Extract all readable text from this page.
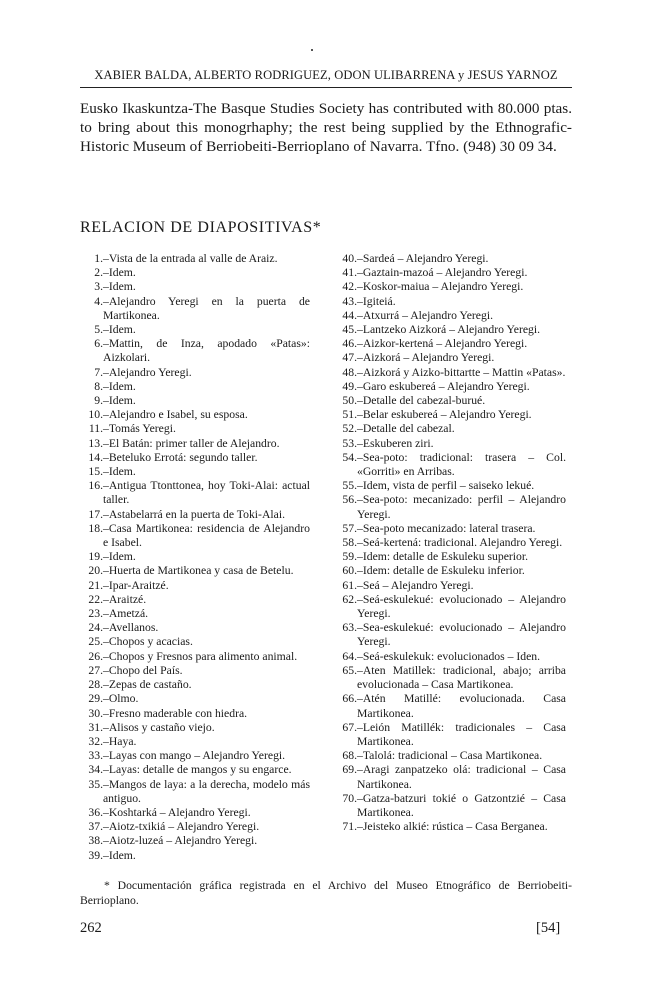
XABIER BALDA, ALBERTO RODRIGUEZ, ODON ULIBARRENA y JESUS YARNOZ
Eusko Ikaskuntza-The Basque Studies Society has contributed with 80.000 ptas. to bring about this monogrhaphy; the rest being supplied by the Ethnografic-Historic Museum of Berriobeiti-Berrioplano of Navarra. Tfno. (948) 30 09 34.
RELACION DE DIAPOSITIVAS*
1. –Vista de la entrada al valle de Araiz.
2. –Idem.
3. –Idem.
4. –Alejandro Yeregi en la puerta de Martikonea.
5. –Idem.
6. –Mattin, de Inza, apodado «Patas»: Aizkolari.
7. –Alejandro Yeregi.
8. –Idem.
9. –Idem.
10. –Alejandro e Isabel, su esposa.
11. –Tomás Yeregi.
13. –El Batán: primer taller de Alejandro.
14. –Beteluko Errotá: segundo taller.
15. –Idem.
16. –Antigua Ttonttonea, hoy Toki-Alai: actual taller.
17. –Astabelarrá en la puerta de Toki-Alai.
18. –Casa Martikonea: residencia de Alejandro e Isabel.
19. –Idem.
20. –Huerta de Martikonea y casa de Betelu.
21. –Ipar-Araitzé.
22. –Araitzé.
23. –Ametzá.
24. –Avellanos.
25. –Chopos y acacias.
26. –Chopos y Fresnos para alimento animal.
27. –Chopo del País.
28. –Zepas de castaño.
29. –Olmo.
30. –Fresno maderable con hiedra.
31. –Alisos y castaño viejo.
32. –Haya.
33. –Layas con mango – Alejandro Yeregi.
34. –Layas: detalle de mangos y su engarce.
35. –Mangos de laya: a la derecha, modelo más antiguo.
36. –Koshtarká – Alejandro Yeregi.
37. –Aiotz-txikiá – Alejandro Yeregi.
38. –Aiotz-luzeá – Alejandro Yeregi.
39. –Idem.
40. –Sardeá – Alejandro Yeregi.
41. –Gaztain-mazoá – Alejandro Yeregi.
42. –Koskor-maiua – Alejandro Yeregi.
43. –Igiteiá.
44. –Atxurrá – Alejandro Yeregi.
45. –Lantzeko Aizkorá – Alejandro Yeregi.
46. –Aizkor-kertená – Alejandro Yeregi.
47. –Aizkorá – Alejandro Yeregi.
48. –Aizkorá y Aizko-bittartte – Mattin «Patas».
49. –Garo eskubereá – Alejandro Yeregi.
50. –Detalle del cabezal-burué.
51. –Belar eskubereá – Alejandro Yeregi.
52. –Detalle del cabezal.
53. –Eskuberen ziri.
54. –Sea-poto: tradicional: trasera – Col. «Gorriti» en Arribas.
55. –Idem, vista de perfil – saiseko lekué.
56. –Sea-poto: mecanizado: perfil – Alejandro Yeregi.
57. –Sea-poto mecanizado: lateral trasera.
58. –Seá-kertená: tradicional. Alejandro Yeregi.
59. –Idem: detalle de Eskuleku superior.
60. –Idem: detalle de Eskuleku inferior.
61. –Seá – Alejandro Yeregi.
62. –Seá-eskulekué: evolucionado – Alejandro Yeregi.
63. –Sea-eskulekué: evolucionado – Alejandro Yeregi.
64. –Seá-eskulekuk: evolucionados – Iden.
65. –Aten Matillek: tradicional, abajo; arriba evolucionada – Casa Martikonea.
66. –Atén Matillé: evolucionada. Casa Martikonea.
67. –Leión Matillék: tradicionales – Casa Martikonea.
68. –Talolá: tradicional – Casa Martikonea.
69. –Aragi zanpatzeko olá: tradicional – Casa Nartikonea.
70. –Gatza-batzuri tokié o Gatzontzié – Casa Martikonea.
71. –Jeisteko alkié: rústica – Casa Berganea.
* Documentación gráfica registrada en el Archivo del Museo Etnográfico de Berriobeiti-Berrioplano.
262	[54]
